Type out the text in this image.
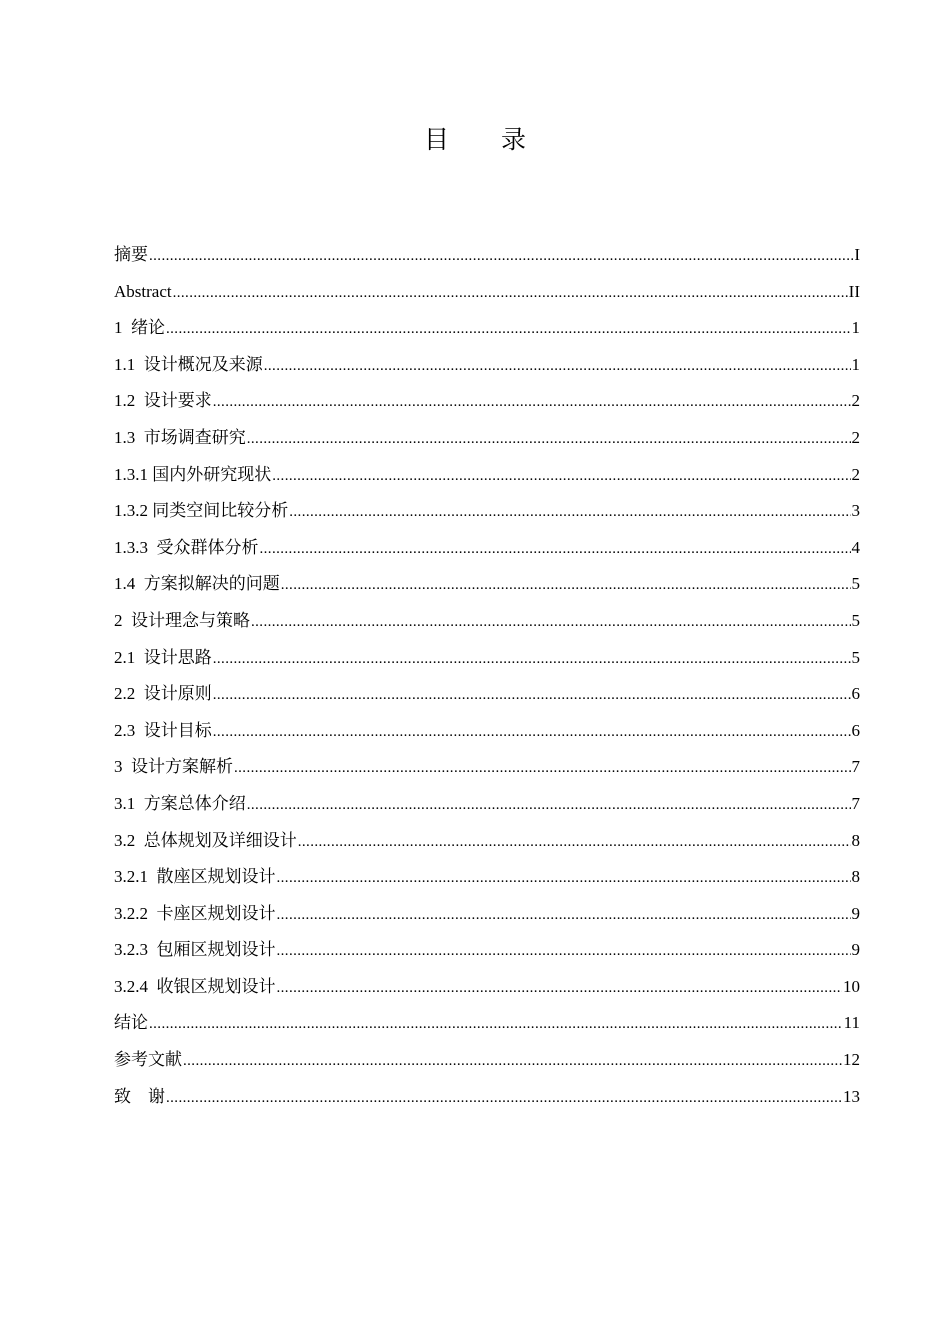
目 录
摘要 .....	I
Abstract .....	II
1  绪论 .....	1
1.1  设计概况及来源 .....	1
1.2  设计要求 .....	2
1.3  市场调查研究 .....	2
1.3.1 国内外研究现状 .....	2
1.3.2 同类空间比较分析 .....	3
1.3.3  受众群体分析 .....	4
1.4  方案拟解决的问题 .....	5
2  设计理念与策略 .....	5
2.1  设计思路 .....	5
2.2  设计原则 .....	6
2.3  设计目标 .....	6
3  设计方案解析 .....	7
3.1  方案总体介绍 .....	7
3.2  总体规划及详细设计 .....	8
3.2.1  散座区规划设计 .....	8
3.2.2  卡座区规划设计 .....	9
3.2.3  包厢区规划设计 .....	9
3.2.4  收银区规划设计 .....	10
结论 .....	11
参考文献 .....	12
致    谢 .....	13
